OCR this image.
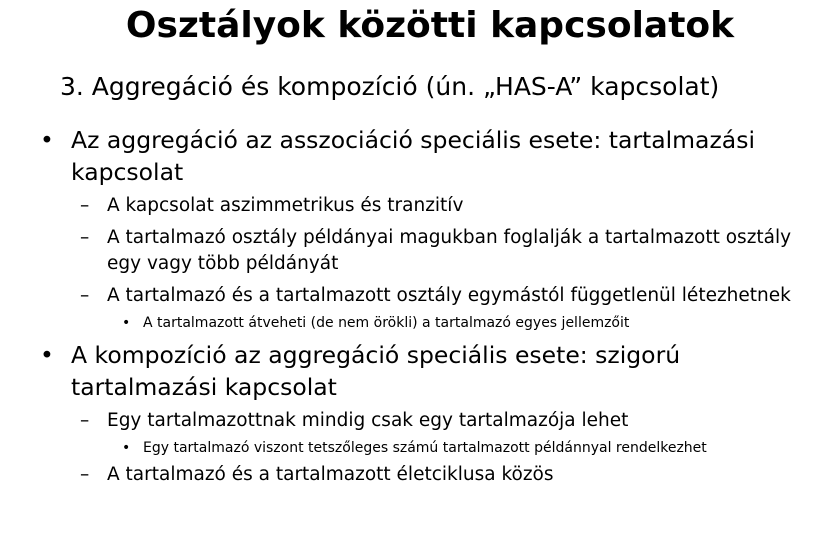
Osztályok közötti kapcsolatok
3. Aggregáció és kompozíció (ún. „HAS-A” kapcsolat)
• Az aggregáció az asszociáció speciális esete: tartalmazási kapcsolat
– A kapcsolat aszimmetrikus és tranzitív
– A tartalmazó osztály példányai magukban foglalják a tartalmazott osztály egy vagy több példányát
– A tartalmazó és a tartalmazott osztály egymástól függetlenül létezhetnek
• A tartalmazott átveheti (de nem örökli) a tartalmazó egyes jellemzőit
• A kompozíció az aggregáció speciális esete: szigorú tartalmazási kapcsolat
– Egy tartalmazottnak mindig csak egy tartalmazója lehet
• Egy tartalmazó viszont tetszőleges számú tartalmazott példánnyal rendelkezhet
– A tartalmazó és a tartalmazott életciklusa közös
